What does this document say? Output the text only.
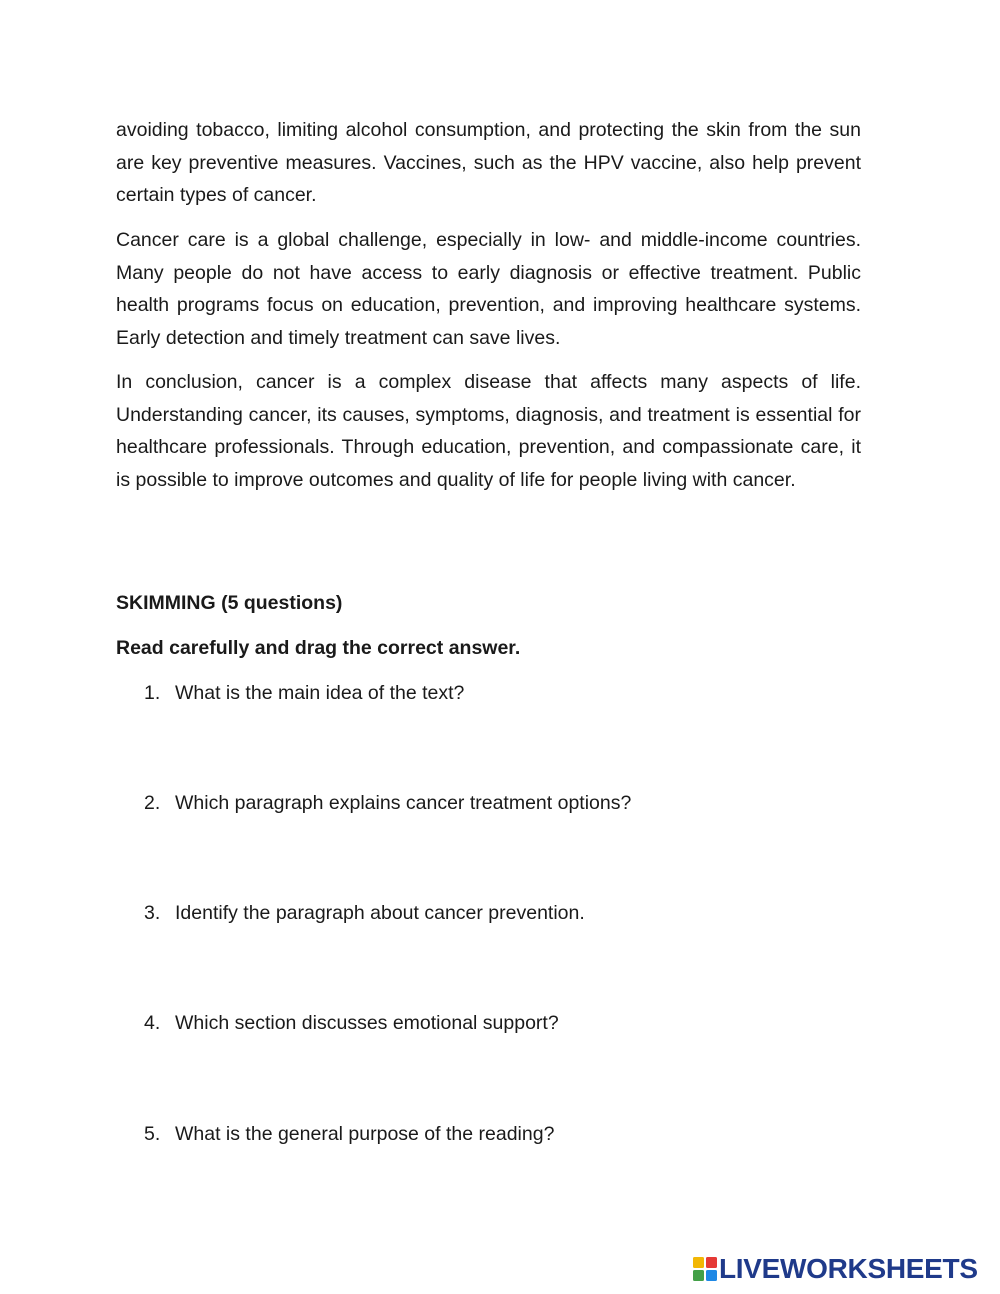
avoiding tobacco, limiting alcohol consumption, and protecting the skin from the sun are key preventive measures. Vaccines, such as the HPV vaccine, also help prevent certain types of cancer.

Cancer care is a global challenge, especially in low- and middle-income countries. Many people do not have access to early diagnosis or effective treatment. Public health programs focus on education, prevention, and improving healthcare systems. Early detection and timely treatment can save lives.

In conclusion, cancer is a complex disease that affects many aspects of life. Understanding cancer, its causes, symptoms, diagnosis, and treatment is essential for healthcare professionals. Through education, prevention, and compassionate care, it is possible to improve outcomes and quality of life for people living with cancer.

SKIMMING (5 questions)

Read carefully and drag the correct answer.

1. What is the main idea of the text?
2. Which paragraph explains cancer treatment options?
3. Identify the paragraph about cancer prevention.
4. Which section discusses emotional support?
5. What is the general purpose of the reading?
LIVEWORKSHEETS
